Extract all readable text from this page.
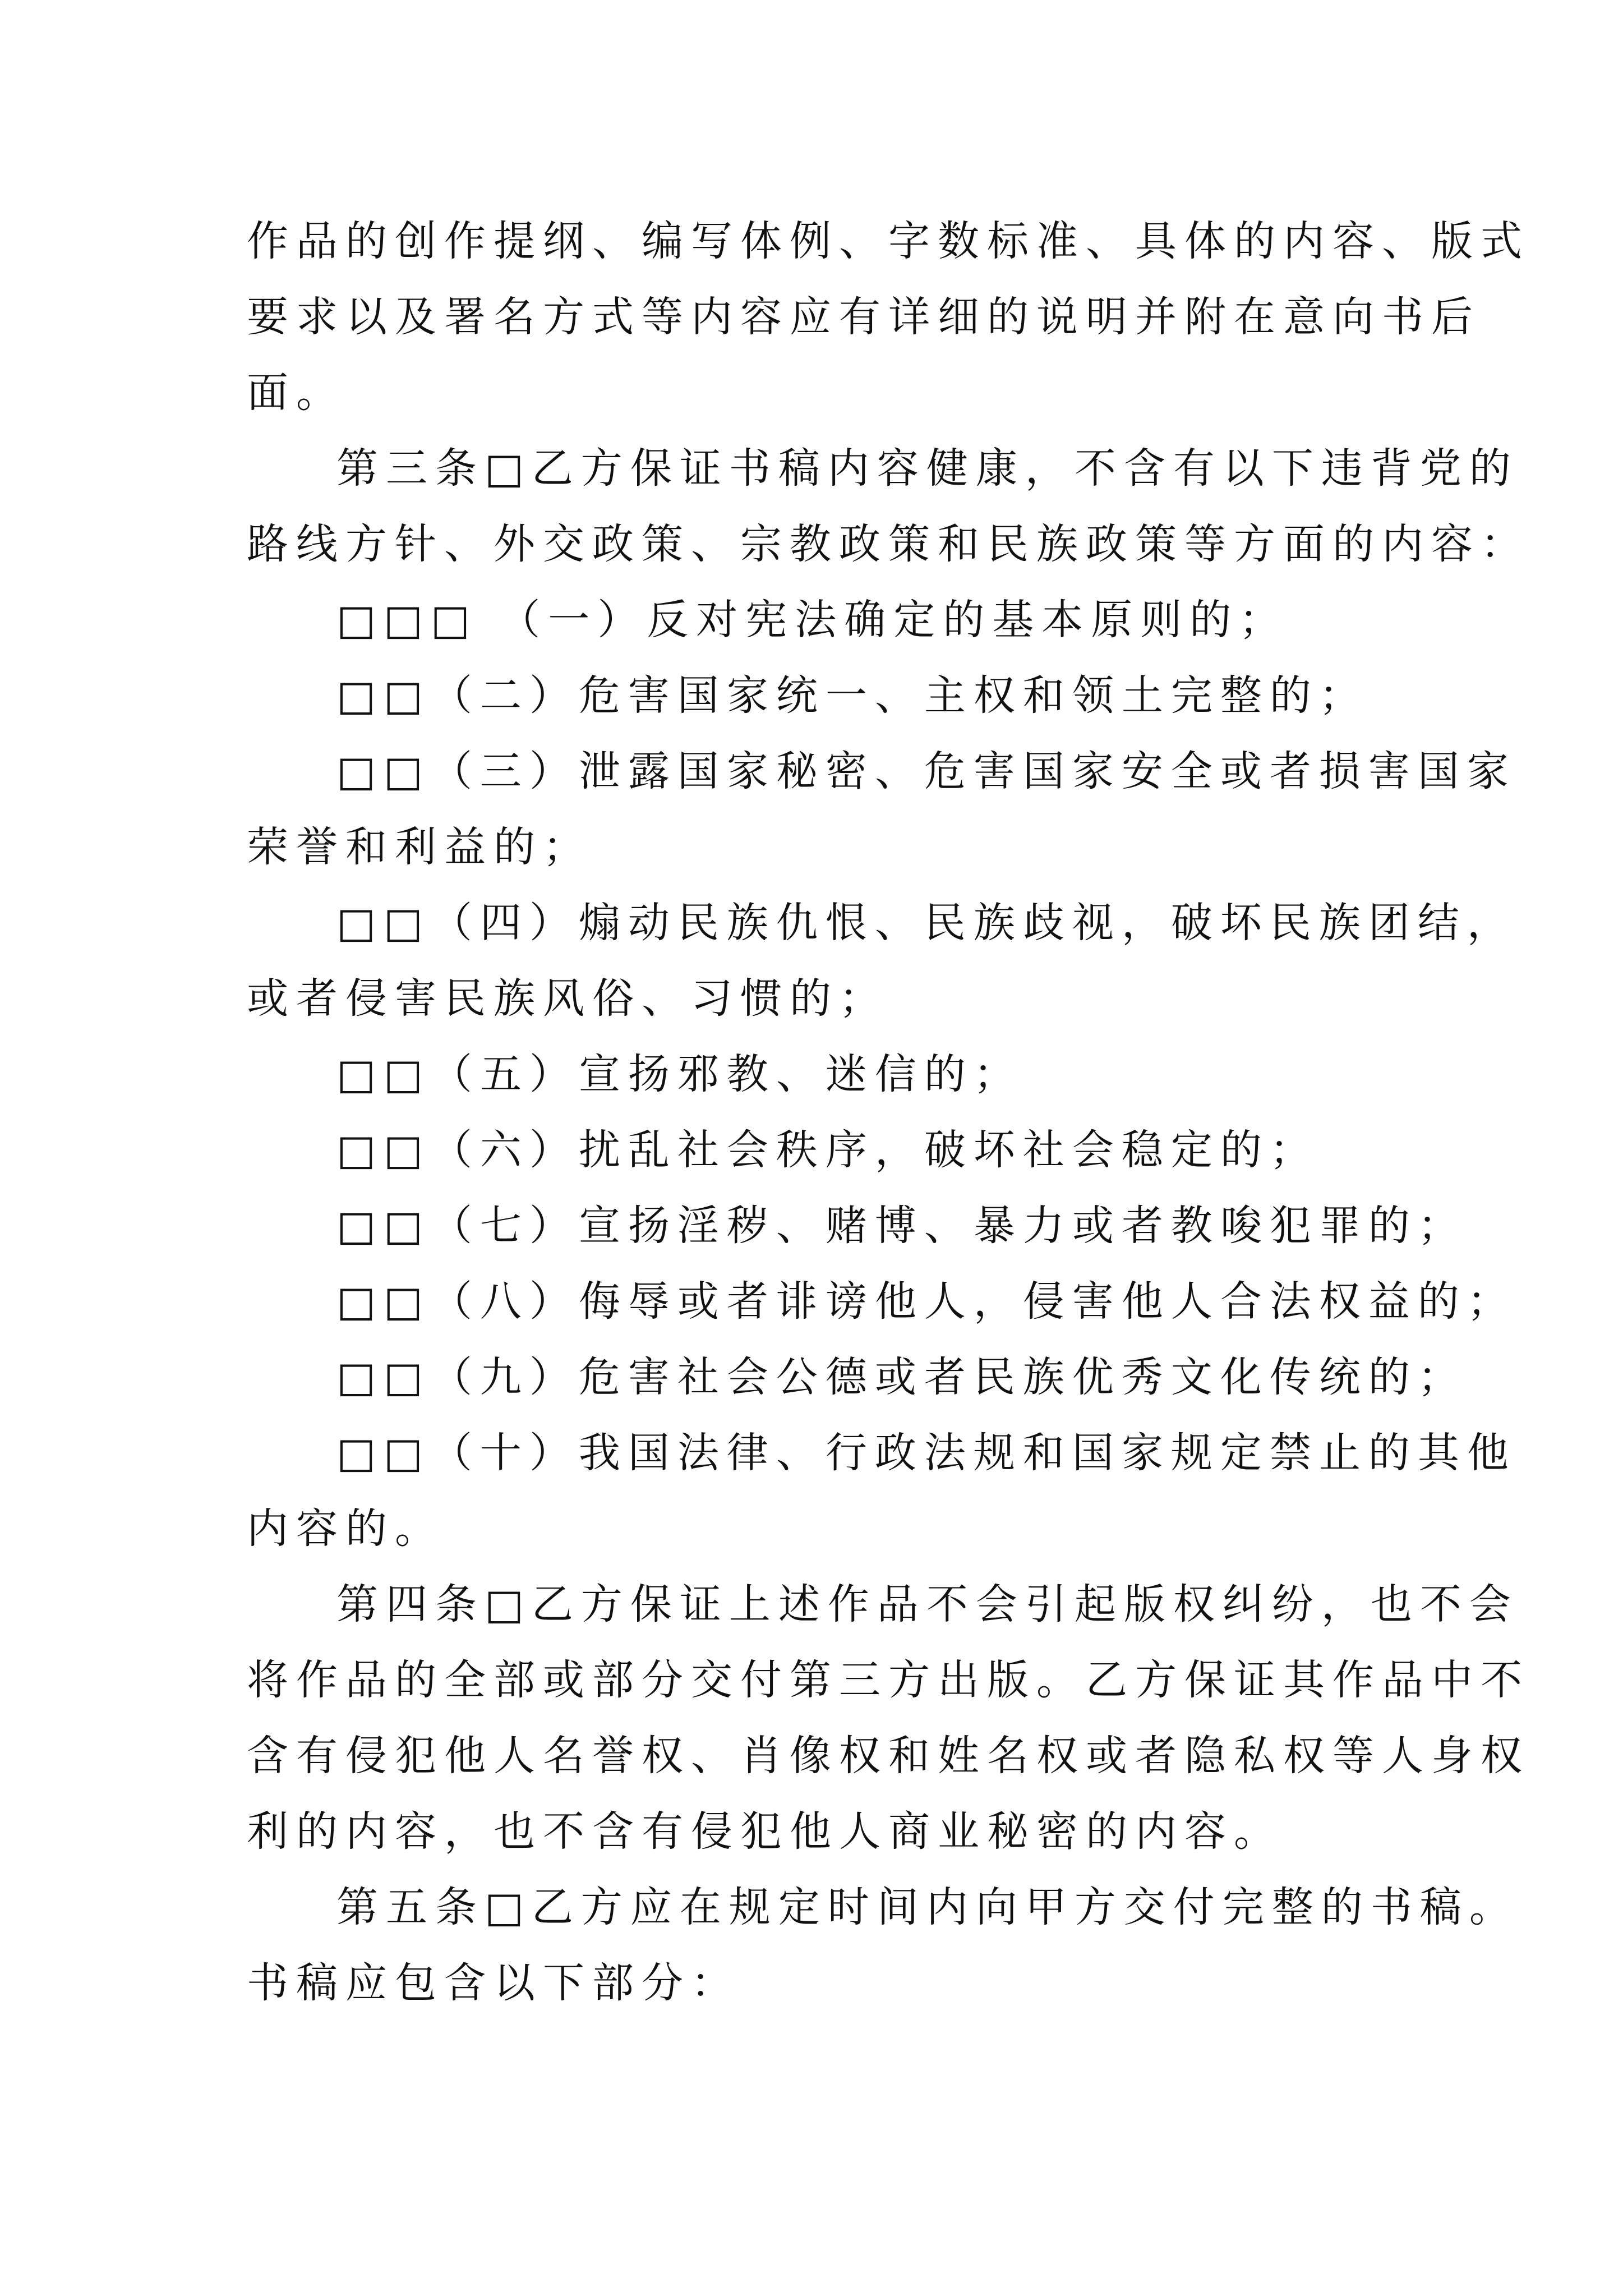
作品的创作提纲、编写体例、字数标准、具体的内容、版式
要求以及署名方式等内容应有详细的说明并附在意向书后
面。
第三条□乙方保证书稿内容健康，不含有以下违背党的
路线方针、外交政策、宗教政策和民族政策等方面的内容：
□□□ （一）反对宪法确定的基本原则的；
□□（二）危害国家统一、主权和领土完整的；
□□（三）泄露国家秘密、危害国家安全或者损害国家
荣誉和利益的；
□□（四）煽动民族仇恨、民族歧视，破坏民族团结，
或者侵害民族风俗、习惯的；
□□（五）宣扬邪教、迷信的；
□□（六）扰乱社会秩序，破坏社会稳定的；
□□（七）宣扬淫秽、赌博、暴力或者教唆犯罪的；
□□（八）侮辱或者诽谤他人，侵害他人合法权益的；
□□（九）危害社会公德或者民族优秀文化传统的；
□□（十）我国法律、行政法规和国家规定禁止的其他
内容的。
第四条□乙方保证上述作品不会引起版权纠纷，也不会
将作品的全部或部分交付第三方出版。乙方保证其作品中不
含有侵犯他人名誉权、肖像权和姓名权或者隐私权等人身权
利的内容，也不含有侵犯他人商业秘密的内容。
第五条□乙方应在规定时间内向甲方交付完整的书稿。
书稿应包含以下部分：
